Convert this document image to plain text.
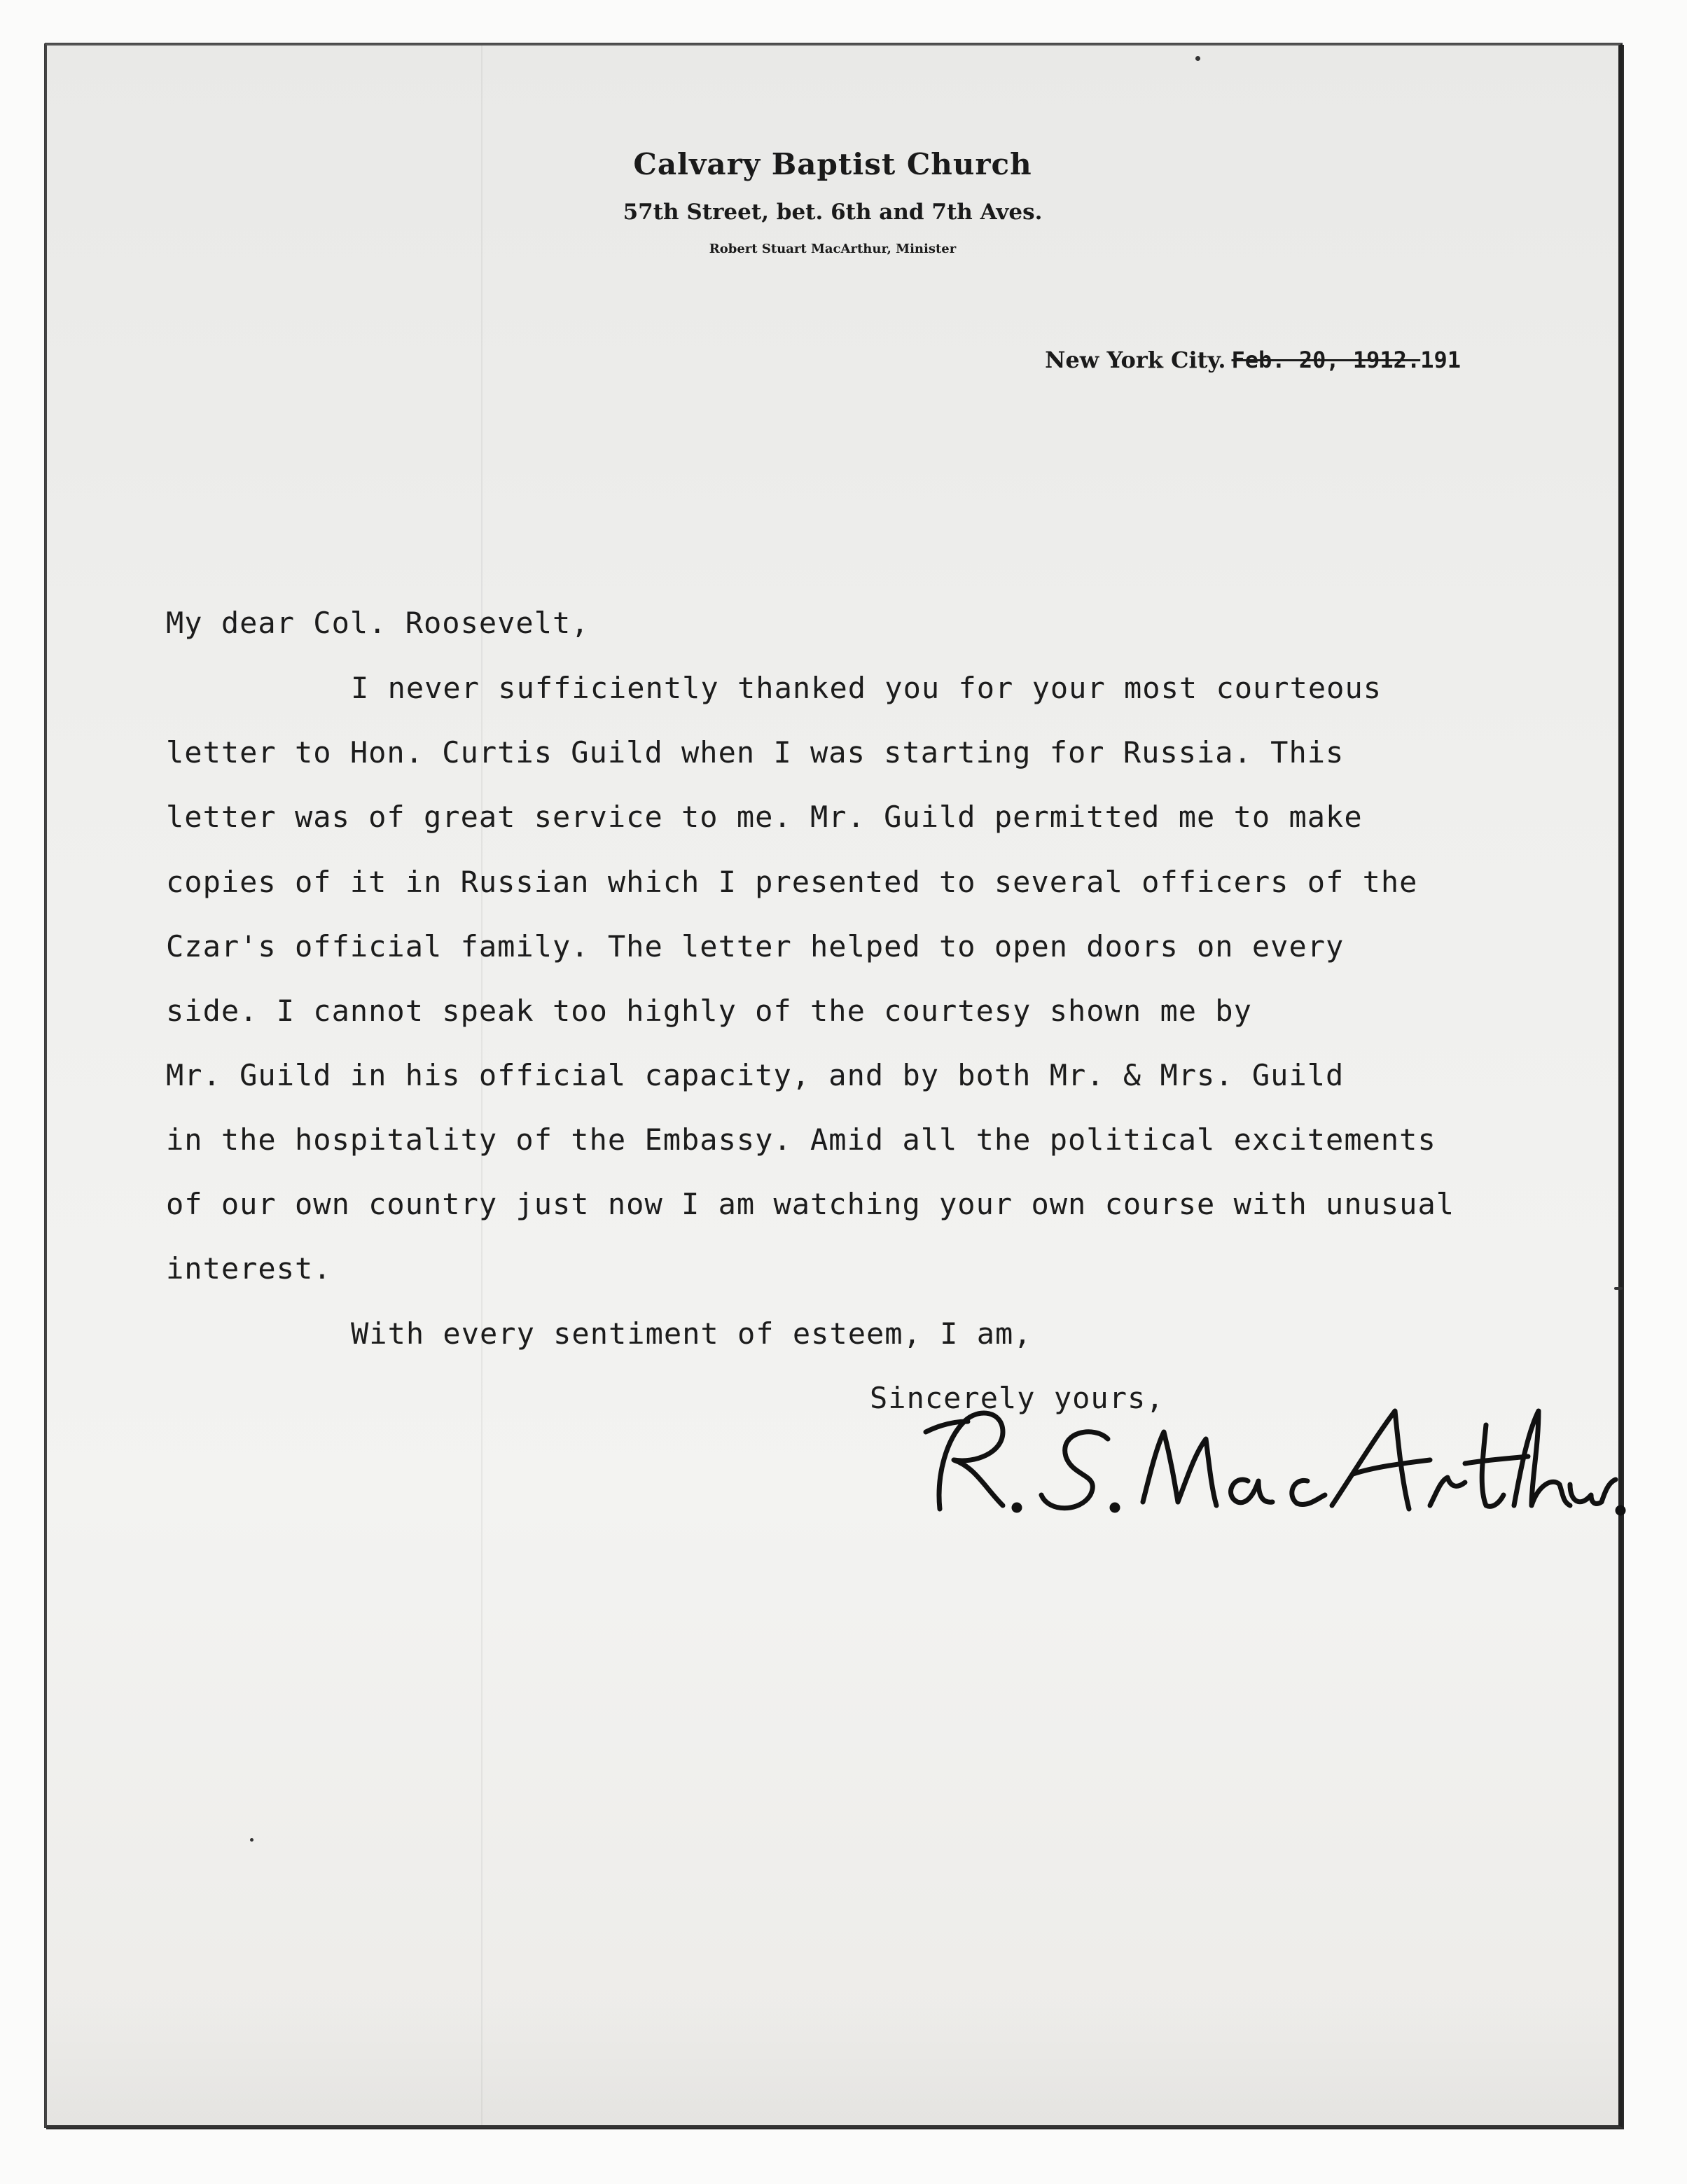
Calvary Baptist Church
57th Street, bet. 6th and 7th Aves.
Robert Stuart MacArthur, Minister
New York City. Feb. 20, 1912.191
My dear Col. Roosevelt,
I never sufficiently thanked you for your most courteous
letter to Hon. Curtis Guild when I was starting for Russia. This
letter was of great service to me. Mr. Guild permitted me to make
copies of it in Russian which I presented to several officers of the
Czar's official family. The letter helped to open doors on every
side. I cannot speak too highly of the courtesy shown me by
Mr. Guild in his official capacity, and by both Mr. & Mrs. Guild
in the hospitality of the Embassy. Amid all the political excitements
of our own country just now I am watching your own course with unusual
interest.
With every sentiment of esteem, I am,
Sincerely yours,
